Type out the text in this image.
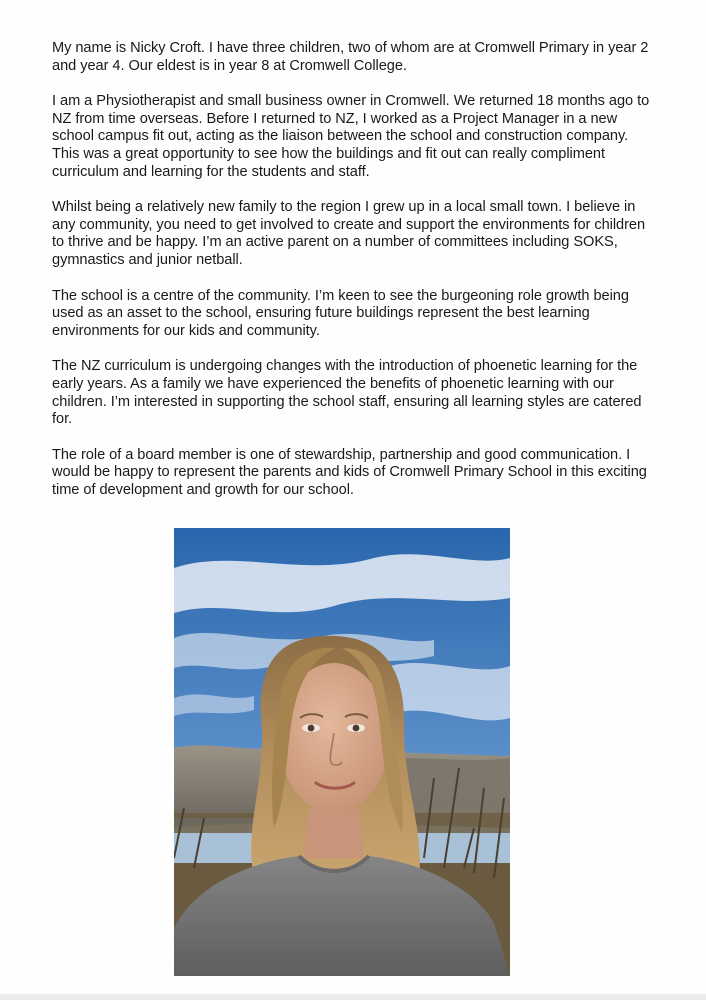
My name is Nicky Croft. I have three children, two of whom are at Cromwell Primary in year 2 and year 4. Our eldest is in year 8 at Cromwell College.

I am a Physiotherapist and small business owner in Cromwell. We returned 18 months ago to NZ from time overseas. Before I returned to NZ, I worked as a Project Manager in a new school campus fit out, acting as the liaison between the school and construction company. This was a great opportunity to see how the buildings and fit out can really compliment curriculum and learning for the students and staff.

Whilst being a relatively new family to the region I grew up in a local small town. I believe in any community, you need to get involved to create and support the environments for children to thrive and be happy. I’m an active parent on a number of committees including SOKS, gymnastics and junior netball.

The school is a centre of the community. I’m keen to see the burgeoning role growth being used as an asset to the school, ensuring future buildings represent the best learning environments for our kids and community.

The NZ curriculum is undergoing changes with the introduction of phoenetic learning for the early years. As a family we have experienced the benefits of phoenetic learning with our children. I’m interested in supporting the school staff, ensuring all learning styles are catered for.

The role of a board member is one of stewardship, partnership and good communication. I would be happy to represent the parents and kids of Cromwell Primary School in this exciting time of development and growth for our school.
